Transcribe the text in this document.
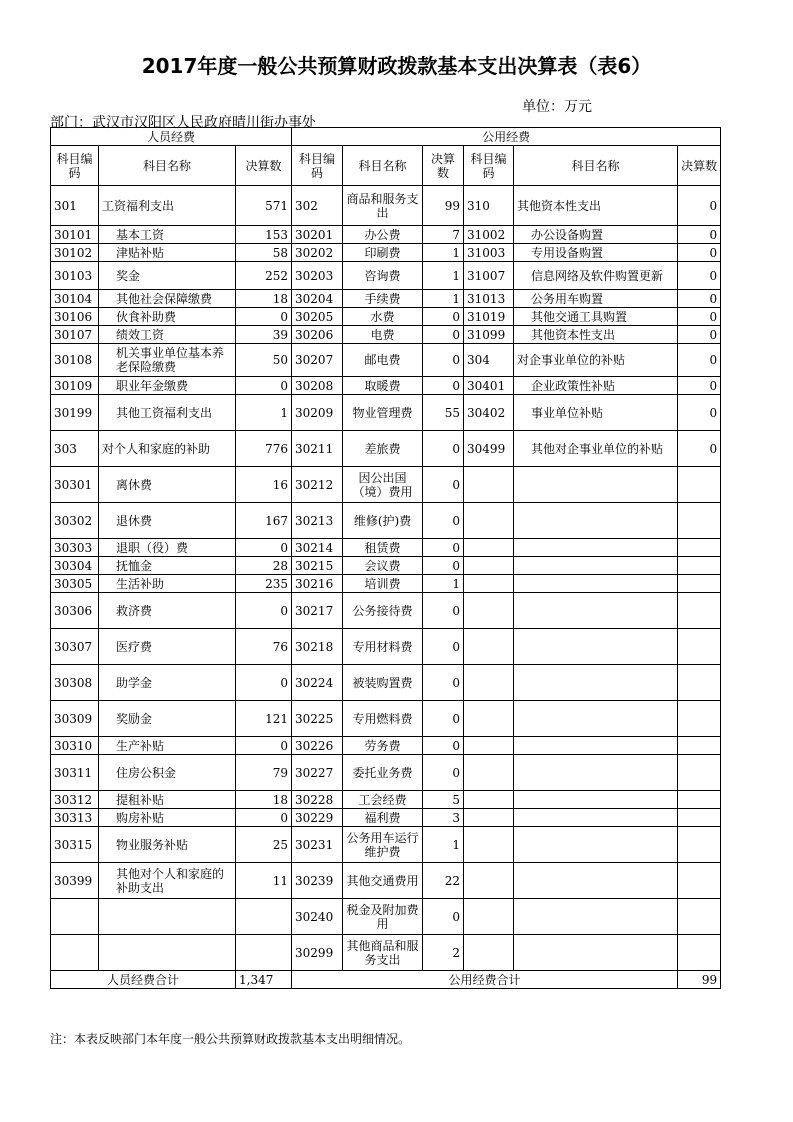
2017年度一般公共预算财政拨款基本支出决算表（表6）
单位：万元
部门：武汉市汉阳区人民政府晴川街办事处
人员经费			公用经费					
科目编码	科目名称	决算数	科目编码	科目名称	决算数	科目编码	科目名称	决算数
301	工资福利支出	571	302	商品和服务支出	99	310	其他资本性支出	0
30101	基本工资	153	30201	办公费	7	31002	办公设备购置	0
30102	津贴补贴	58	30202	印刷费	1	31003	专用设备购置	0
30103	奖金	252	30203	咨询费	1	31007	信息网络及软件购置更新	0
30104	其他社会保障缴费	18	30204	手续费	1	31013	公务用车购置	0
30106	伙食补助费	0	30205	水费	0	31019	其他交通工具购置	0
30107	绩效工资	39	30206	电费	0	31099	其他资本性支出	0
30108	机关事业单位基本养老保险缴费	50	30207	邮电费	0	304	对企事业单位的补贴	0
30109	职业年金缴费	0	30208	取暖费	0	30401	企业政策性补贴	0
30199	其他工资福利支出	1	30209	物业管理费	55	30402	事业单位补贴	0
303	对个人和家庭的补助	776	30211	差旅费	0	30499	其他对企事业单位的补贴	0
30301	离休费	16	30212	因公出国（境）费用	0			
30302	退休费	167	30213	维修(护)费	0			
30303	退职（役）费	0	30214	租赁费	0			
30304	抚恤金	28	30215	会议费	0			
30305	生活补助	235	30216	培训费	1			
30306	救济费	0	30217	公务接待费	0			
30307	医疗费	76	30218	专用材料费	0			
30308	助学金	0	30224	被装购置费	0			
30309	奖励金	121	30225	专用燃料费	0			
30310	生产补贴	0	30226	劳务费	0			
30311	住房公积金	79	30227	委托业务费	0			
30312	提租补贴	18	30228	工会经费	5			
30313	购房补贴	0	30229	福利费	3			
30315	物业服务补贴	25	30231	公务用车运行维护费	1			
30399	其他对个人和家庭的补助支出	11	30239	其他交通费用	22			
			30240	税金及附加费用	0			
			30299	其他商品和服务支出	2			
人员经费合计		1,347	公用经费合计					99
注：本表反映部门本年度一般公共预算财政拨款基本支出明细情况。
